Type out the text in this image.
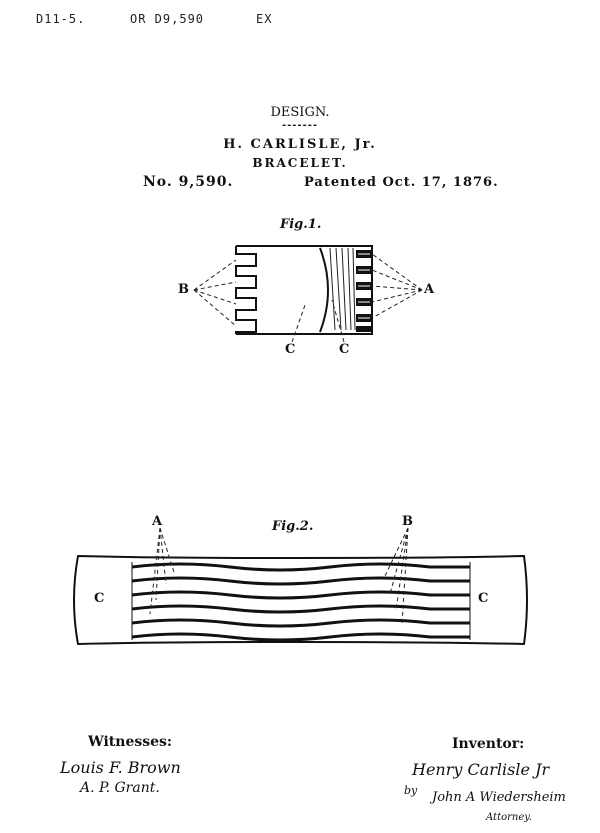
D11-5.	OR D9,590	EX
DESIGN.
-------
H. CARLISLE, Jr.
BRACELET.
No. 9,590.	Patented Oct. 17, 1876.
Fig.1.
B	A
C	C
Fig.2.
A	B
C	C
Witnesses:
Louis F. Brown
A. P. Grant.
Inventor:
Henry Carlisle Jr
by John A Wiedersheim
Attorney.
